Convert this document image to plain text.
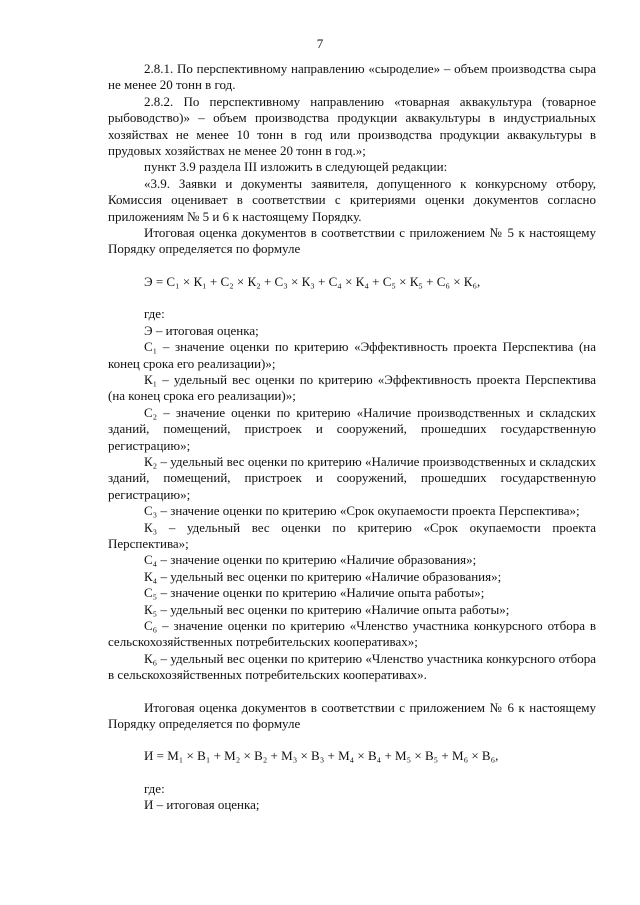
7

2.8.1. По перспективному направлению «сыроделие» – объем производства сыра не менее 20 тонн в год.

2.8.2. По перспективному направлению «товарная аквакультура (товарное рыбоводство)» – объем производства продукции аквакультуры в индустриальных хозяйствах не менее 10 тонн в год или производства продукции аквакультуры в прудовых хозяйствах не менее 20 тонн в год.»;

пункт 3.9 раздела III изложить в следующей редакции:

«3.9. Заявки и документы заявителя, допущенного к конкурсному отбору, Комиссия оценивает в соответствии с критериями оценки документов согласно приложениям № 5 и 6 к настоящему Порядку.

Итоговая оценка документов в соответствии с приложением № 5 к настоящему Порядку определяется по формуле

Э = С₁ × К₁ + С₂ × К₂ + С₃ × К₃ + С₄ × К₄ + С₅ × К₅ + С₆ × К₆,

где:

Э – итоговая оценка;

С₁ – значение оценки по критерию «Эффективность проекта Перспектива (на конец срока его реализации)»;

К₁ – удельный вес оценки по критерию «Эффективность проекта Перспектива (на конец срока его реализации)»;

С₂ – значение оценки по критерию «Наличие производственных и складских зданий, помещений, пристроек и сооружений, прошедших государственную регистрацию»;

К₂ – удельный вес оценки по критерию «Наличие производственных и складских зданий, помещений, пристроек и сооружений, прошедших государственную регистрацию»;

С₃ – значение оценки по критерию «Срок окупаемости проекта Перспектива»;

К₃ – удельный вес оценки по критерию «Срок окупаемости проекта Перспектива»;

С₄ – значение оценки по критерию «Наличие образования»;

К₄ – удельный вес оценки по критерию «Наличие образования»;

С₅ – значение оценки по критерию «Наличие опыта работы»;

К₅ – удельный вес оценки по критерию «Наличие опыта работы»;

С₆ – значение оценки по критерию «Членство участника конкурсного отбора в сельскохозяйственных потребительских кооперативах»;

К₆ – удельный вес оценки по критерию «Членство участника конкурсного отбора в сельскохозяйственных потребительских кооперативах».

Итоговая оценка документов в соответствии с приложением № 6 к настоящему Порядку определяется по формуле

И = М₁ × В₁ + М₂ × В₂ + М₃ × В₃ + М₄ × В₄ + М₅ × В₅ + М₆ × В₆,

где:

И – итоговая оценка;
